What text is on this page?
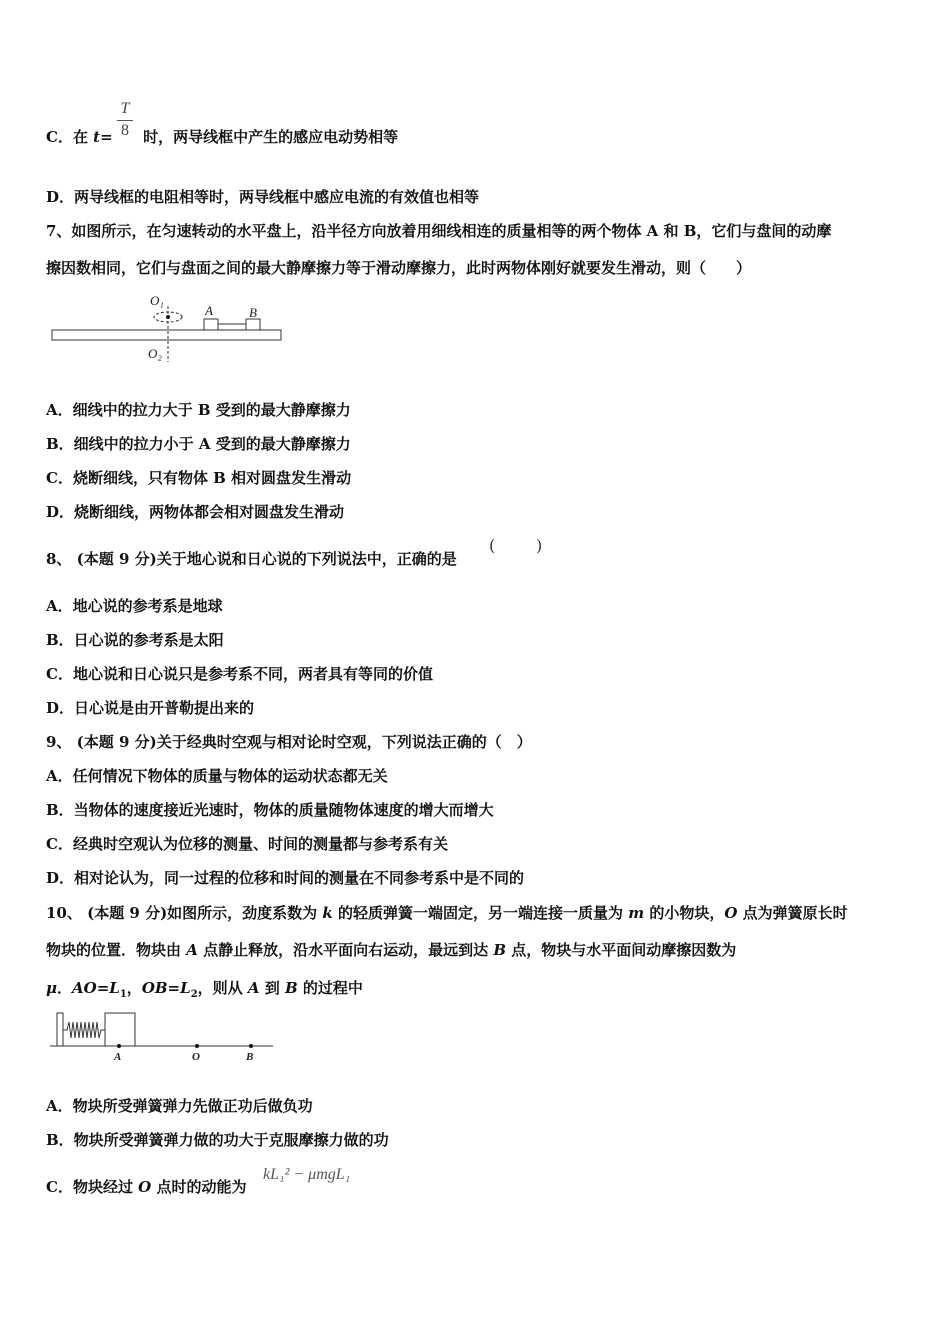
C．在 t=  时，两导线框中产生的感应电动势相等
T
8
D．两导线框的电阻相等时，两导线框中感应电流的有效值也相等
7、如图所示，在匀速转动的水平盘上，沿半径方向放着用细线相连的质量相等的两个物体 A 和 B，它们与盘间的动摩
擦因数相同，它们与盘面之间的最大静摩擦力等于滑动摩擦力，此时两物体刚好就要发生滑动，则（　　）
O₁
O₂
A	B
A．细线中的拉力大于 B 受到的最大静摩擦力
B．细线中的拉力小于 A 受到的最大静摩擦力
C．烧断细线，只有物体 B 相对圆盘发生滑动
D．烧断细线，两物体都会相对圆盘发生滑动
8、 (本题 9 分)关于地心说和日心说的下列说法中，正确的是
(	)
A．地心说的参考系是地球
B．日心说的参考系是太阳
C．地心说和日心说只是参考系不同，两者具有等同的价值
D．日心说是由开普勒提出来的
9、 (本题 9 分)关于经典时空观与相对论时空观，下列说法正确的（　）
A．任何情况下物体的质量与物体的运动状态都无关
B．当物体的速度接近光速时，物体的质量随物体速度的增大而增大
C．经典时空观认为位移的测量、时间的测量都与参考系有关
D．相对论认为，同一过程的位移和时间的测量在不同参考系中是不同的
10、 (本题 9 分)如图所示，劲度系数为 k 的轻质弹簧一端固定，另一端连接一质量为 m 的小物块，O 点为弹簧原长时
物块的位置．物块由 A 点静止释放，沿水平面向右运动，最远到达 B 点，物块与水平面间动摩擦因数为
μ．$AO=L_1$，$OB=L_2$，则从 A 到 B 的过程中
A	O	B
A．物块所受弹簧弹力先做正功后做负功
B．物块所受弹簧弹力做的功大于克服摩擦力做的功
C．物块经过 O 点时的动能为
kL₁² − μmgL₁
